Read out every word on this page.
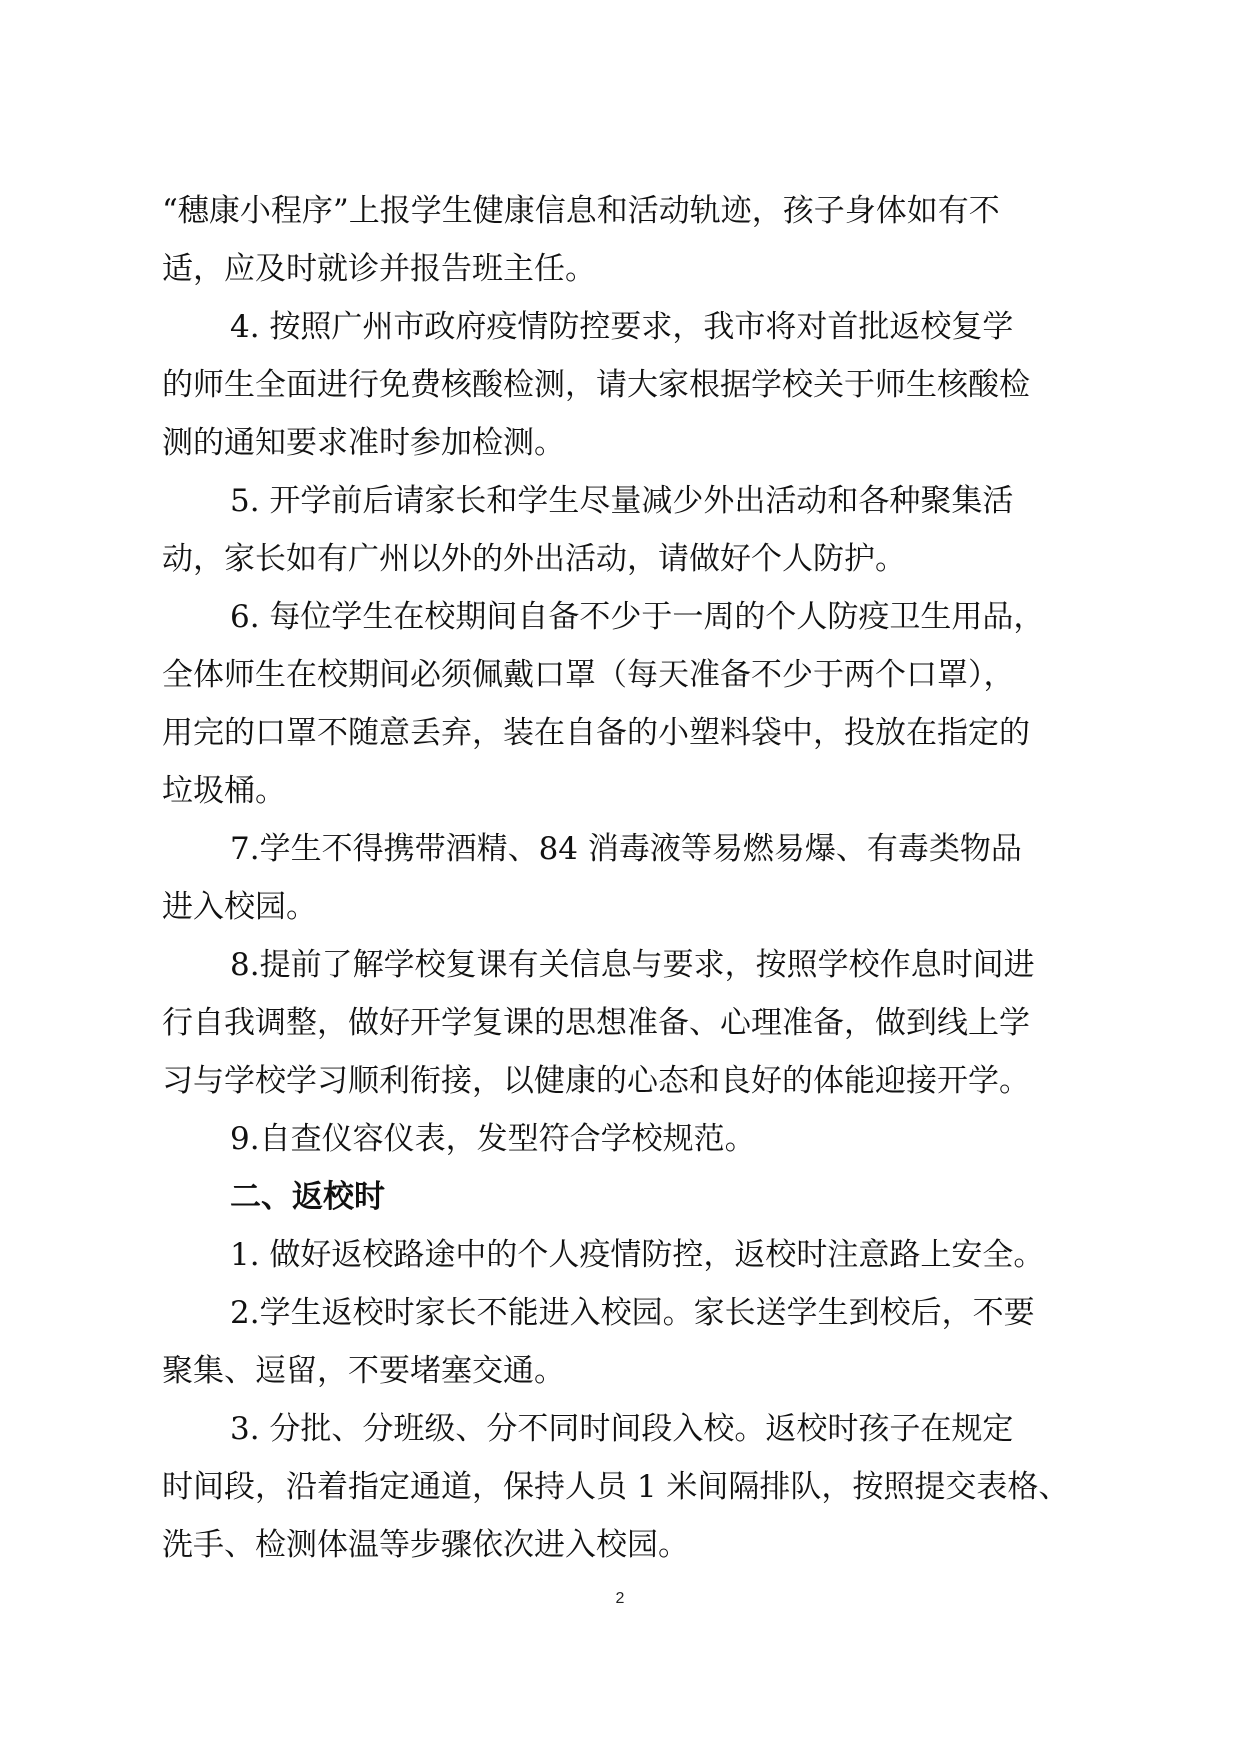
“穗康小程序”上报学生健康信息和活动轨迹，孩子身体如有不
适，应及时就诊并报告班主任。
4. 按照广州市政府疫情防控要求，我市将对首批返校复学
的师生全面进行免费核酸检测，请大家根据学校关于师生核酸检
测的通知要求准时参加检测。
5. 开学前后请家长和学生尽量减少外出活动和各种聚集活
动，家长如有广州以外的外出活动，请做好个人防护。
6. 每位学生在校期间自备不少于一周的个人防疫卫生用品，
全体师生在校期间必须佩戴口罩（每天准备不少于两个口罩），
用完的口罩不随意丢弃，装在自备的小塑料袋中，投放在指定的
垃圾桶。
7.学生不得携带酒精、84 消毒液等易燃易爆、有毒类物品
进入校园。
8.提前了解学校复课有关信息与要求，按照学校作息时间进
行自我调整，做好开学复课的思想准备、心理准备，做到线上学
习与学校学习顺利衔接，以健康的心态和良好的体能迎接开学。
9.自查仪容仪表，发型符合学校规范。
二、返校时
1. 做好返校路途中的个人疫情防控，返校时注意路上安全。
2.学生返校时家长不能进入校园。家长送学生到校后，不要
聚集、逗留，不要堵塞交通。
3. 分批、分班级、分不同时间段入校。返校时孩子在规定
时间段，沿着指定通道，保持人员 1 米间隔排队，按照提交表格、
洗手、检测体温等步骤依次进入校园。
2
